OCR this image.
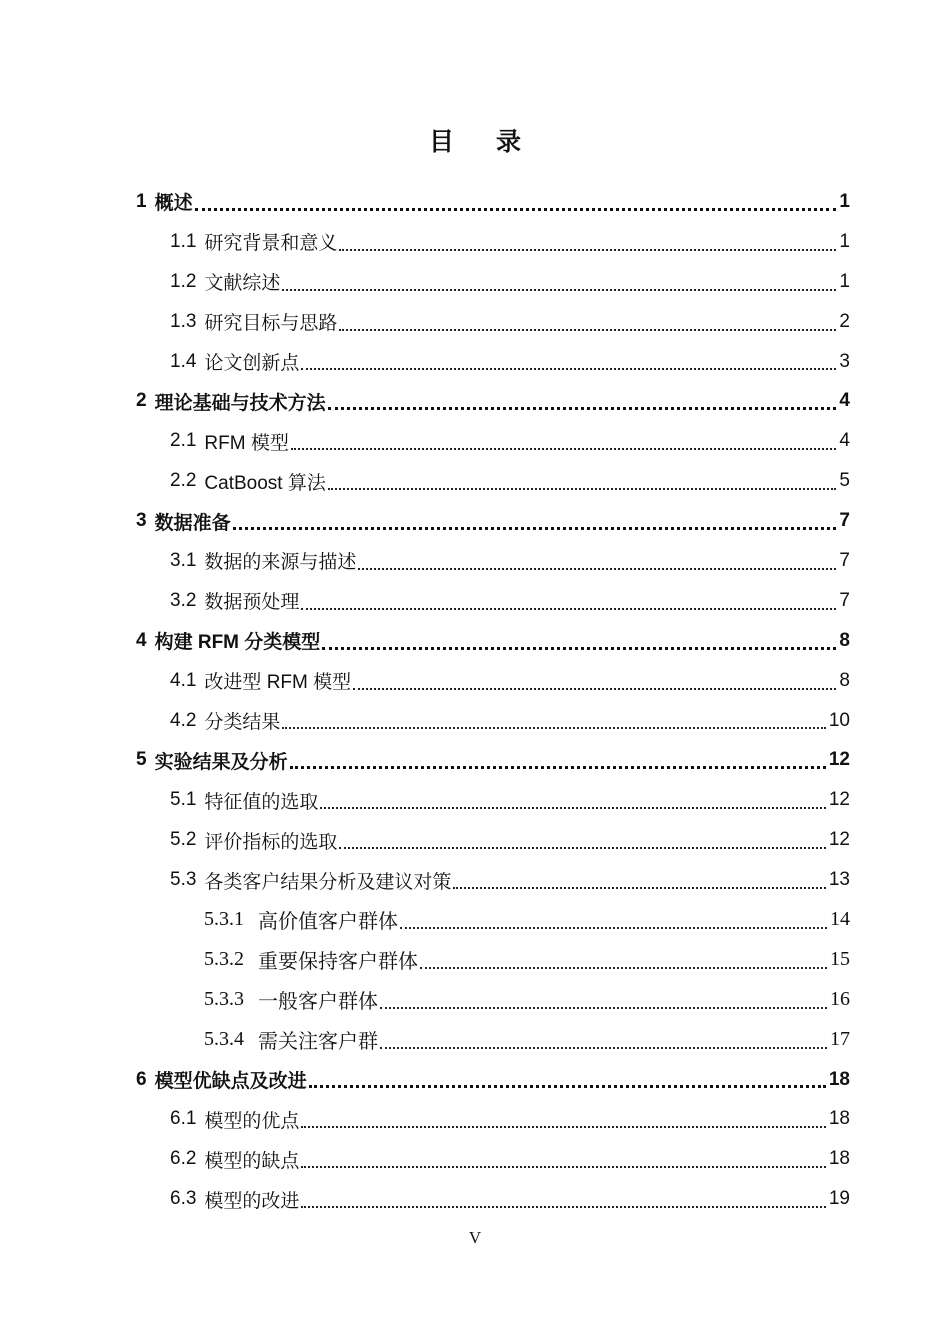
目录
1 概述	1
1.1 研究背景和意义	1
1.2 文献综述	1
1.3 研究目标与思路	2
1.4 论文创新点	3
2 理论基础与技术方法	4
2.1 RFM 模型	4
2.2 CatBoost 算法	5
3 数据准备	7
3.1 数据的来源与描述	7
3.2 数据预处理	7
4 构建 RFM 分类模型	8
4.1 改进型 RFM 模型	8
4.2 分类结果	10
5 实验结果及分析	12
5.1 特征值的选取	12
5.2 评价指标的选取	12
5.3 各类客户结果分析及建议对策	13
5.3.1 高价值客户群体	14
5.3.2 重要保持客户群体	15
5.3.3 一般客户群体	16
5.3.4 需关注客户群	17
6 模型优缺点及改进	18
6.1 模型的优点	18
6.2 模型的缺点	18
6.3 模型的改进	19
V
